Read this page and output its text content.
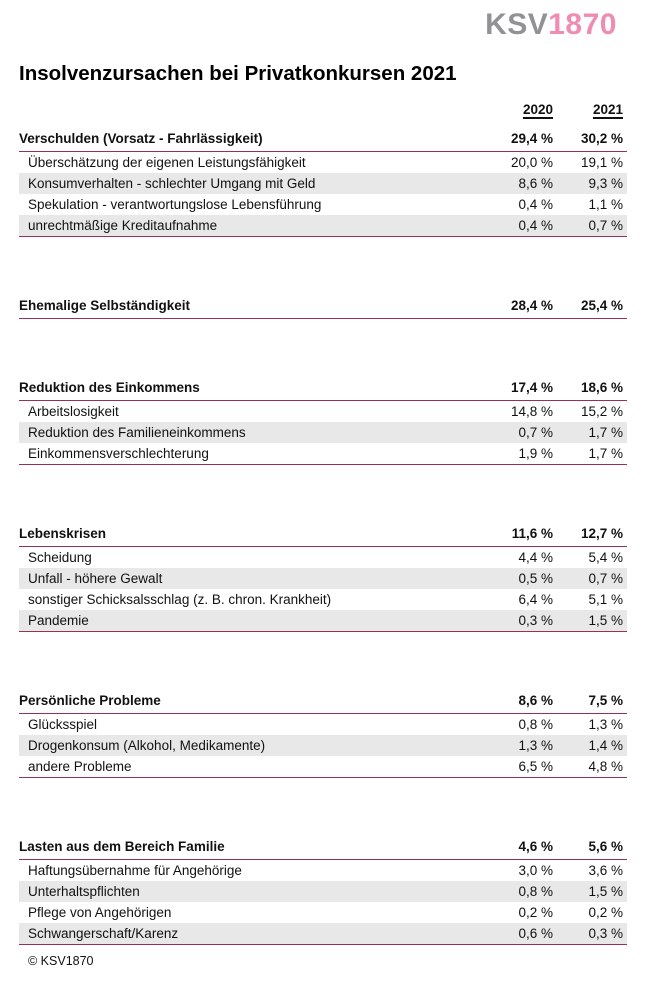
KSV1870
Insolvenzursachen bei Privatkonkursen 2021
2020	2021
Verschulden (Vorsatz - Fahrlässigkeit)	29,4 %	30,2 %
Überschätzung der eigenen Leistungsfähigkeit	20,0 %	19,1 %
Konsumverhalten - schlechter Umgang mit Geld	8,6 %	9,3 %
Spekulation - verantwortungslose Lebensführung	0,4 %	1,1 %
unrechtmäßige Kreditaufnahme	0,4 %	0,7 %
Ehemalige Selbständigkeit	28,4 %	25,4 %
Reduktion des Einkommens	17,4 %	18,6 %
Arbeitslosigkeit	14,8 %	15,2 %
Reduktion des Familieneinkommens	0,7 %	1,7 %
Einkommensverschlechterung	1,9 %	1,7 %
Lebenskrisen	11,6 %	12,7 %
Scheidung	4,4 %	5,4 %
Unfall - höhere Gewalt	0,5 %	0,7 %
sonstiger Schicksalsschlag (z. B. chron. Krankheit)	6,4 %	5,1 %
Pandemie	0,3 %	1,5 %
Persönliche Probleme	8,6 %	7,5 %
Glücksspiel	0,8 %	1,3 %
Drogenkonsum (Alkohol, Medikamente)	1,3 %	1,4 %
andere Probleme	6,5 %	4,8 %
Lasten aus dem Bereich Familie	4,6 %	5,6 %
Haftungsübernahme für Angehörige	3,0 %	3,6 %
Unterhaltspflichten	0,8 %	1,5 %
Pflege von Angehörigen	0,2 %	0,2 %
Schwangerschaft/Karenz	0,6 %	0,3 %
© KSV1870
